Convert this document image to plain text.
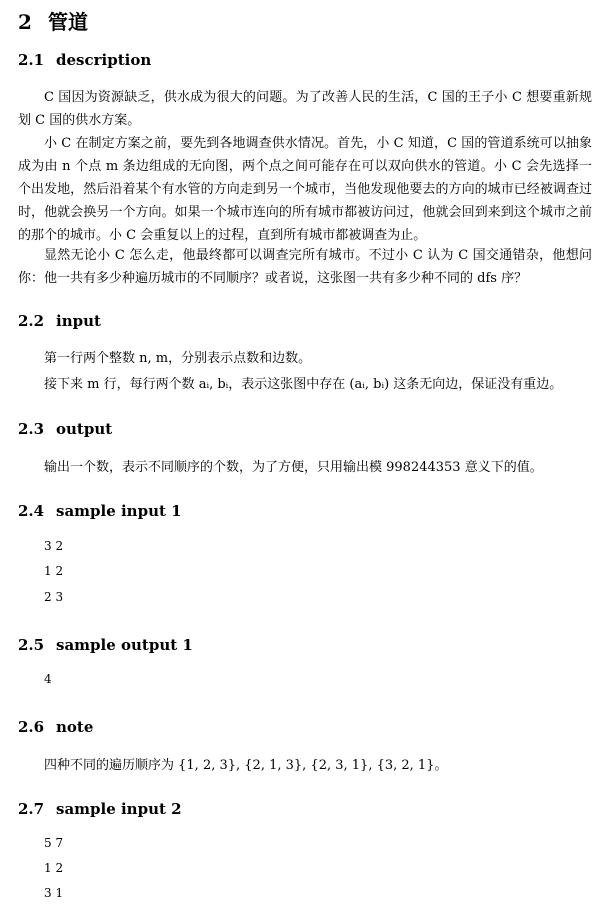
2 管道
2.1 description

C 国因为资源缺乏，供水成为很大的问题。为了改善人民的生活，C 国的王子小 C 想要重新规划 C 国的供水方案。

小 C 在制定方案之前，要先到各地调查供水情况。首先，小 C 知道，C 国的管道系统可以抽象成为由 n 个点 m 条边组成的无向图，两个点之间可能存在可以双向供水的管道。小 C 会先选择一个出发地，然后沿着某个有水管的方向走到另一个城市，当他发现他要去的方向的城市已经被调查过时，他就会换另一个方向。如果一个城市连向的所有城市都被访问过，他就会回到来到这个城市之前的那个的城市。小 C 会重复以上的过程，直到所有城市都被调查为止。

显然无论小 C 怎么走，他最终都可以调查完所有城市。不过小 C 认为 C 国交通错杂，他想问你：他一共有多少种遍历城市的不同顺序？或者说，这张图一共有多少种不同的 dfs 序？

2.2 input
第一行两个整数 n, m，分别表示点数和边数。
接下来 m 行，每行两个数 aᵢ, bᵢ，表示这张图中存在 (aᵢ, bᵢ) 这条无向边，保证没有重边。
2.3 output
输出一个数，表示不同顺序的个数，为了方便，只用输出模 998244353 意义下的值。
2.4 sample input 1
3 2
1 2
2 3
2.5 sample output 1
4
2.6 note
四种不同的遍历顺序为 {1, 2, 3}, {2, 1, 3}, {2, 3, 1}, {3, 2, 1}。
2.7 sample input 2
5 7
1 2
3 1
